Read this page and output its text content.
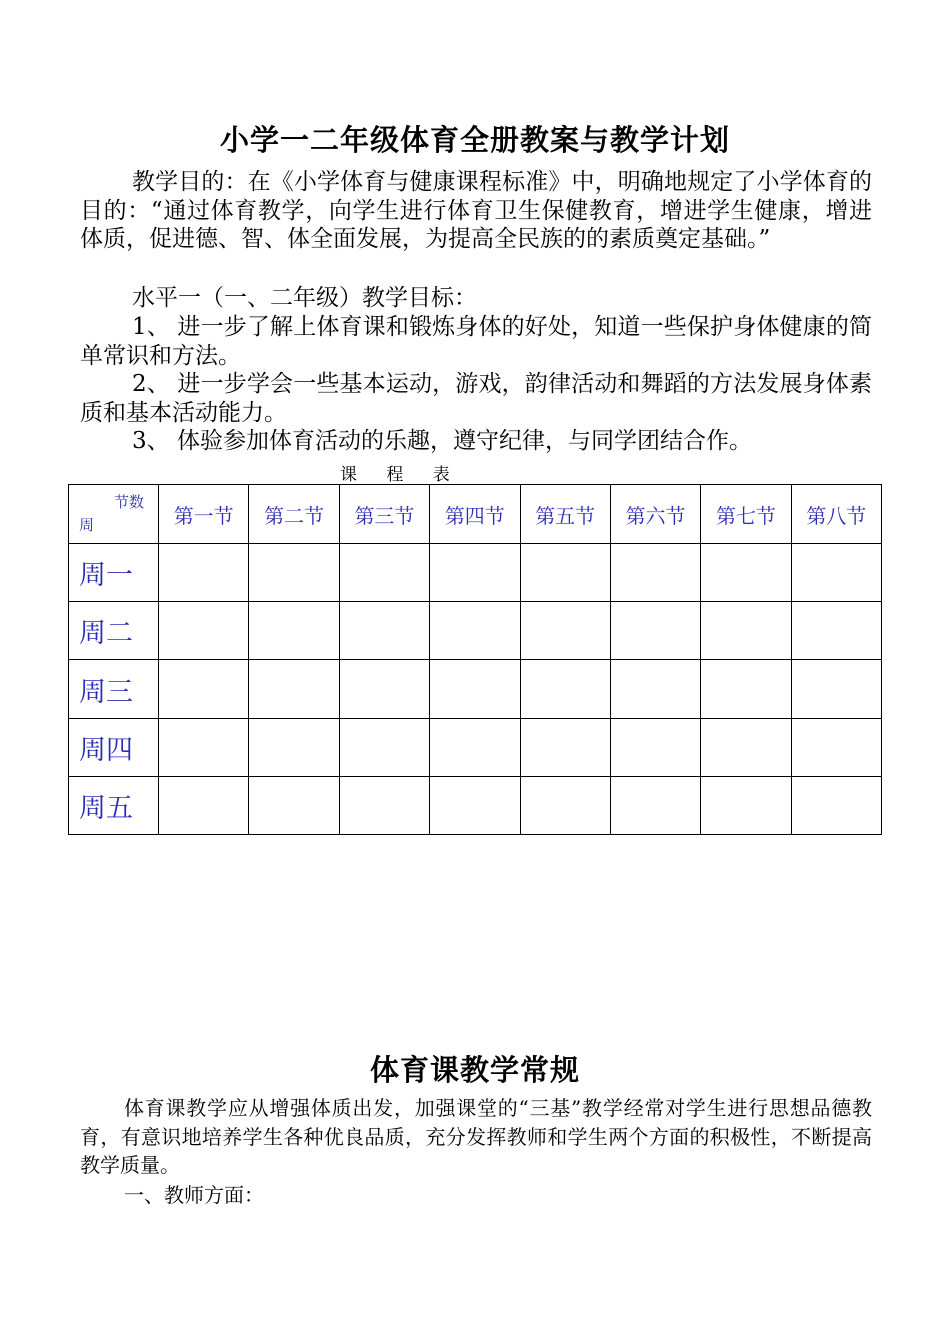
小学一二年级体育全册教案与教学计划
教学目的：在《小学体育与健康课程标准》中，明确地规定了小学体育的目的：“通过体育教学，向学生进行体育卫生保健教育，增进学生健康，增进体质，促进德、智、体全面发展，为提高全民族的的素质奠定基础。”
水平一（一、二年级）教学目标：
1、 进一步了解上体育课和锻炼身体的好处，知道一些保护身体健康的简单常识和方法。
2、 进一步学会一些基本运动，游戏，韵律活动和舞蹈的方法发展身体素质和基本活动能力。
3、 体验参加体育活动的乐趣，遵守纪律，与同学团结合作。
课 程 表
节数
周	第一节	第二节	第三节	第四节	第五节	第六节	第七节	第八节
周一								
周二								
周三								
周四								
周五								
体育课教学常规
体育课教学应从增强体质出发，加强课堂的“三基”教学经常对学生进行思想品德教育，有意识地培养学生各种优良品质，充分发挥教师和学生两个方面的积极性，不断提高教学质量。
一、教师方面：
